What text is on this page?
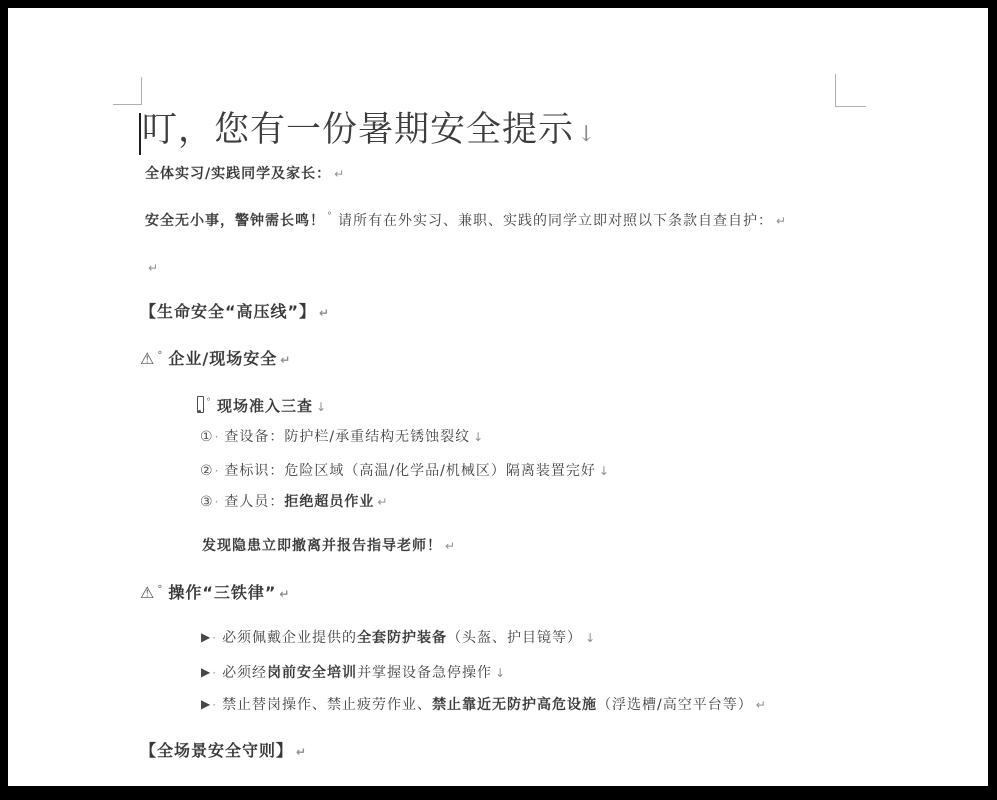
叮，您有一份暑期安全提示 ↓
全体实习/实践同学及家长： ↵
安全无小事，警钟需长鸣！ ° 请所有在外实习、兼职、实践的同学立即对照以下条款自查自护： ↵
↵
【生命安全“高压线”】 ↵
⚠ ° 企业/现场安全 ↵
° 现场准入三查 ↓
①· 查设备：防护栏/承重结构无锈蚀裂纹 ↓
②· 查标识：危险区域（高温/化学品/机械区）隔离装置完好 ↓
③· 查人员：拒绝超员作业 ↵
发现隐患立即撤离并报告指导老师！ ↵
⚠ ° 操作“三铁律” ↵
▶· 必须佩戴企业提供的全套防护装备（头盔、护目镜等） ↓
▶· 必须经岗前安全培训并掌握设备急停操作 ↓
▶· 禁止替岗操作、禁止疲劳作业、禁止靠近无防护高危设施（浮选槽/高空平台等） ↵
【全场景安全守则】 ↵
